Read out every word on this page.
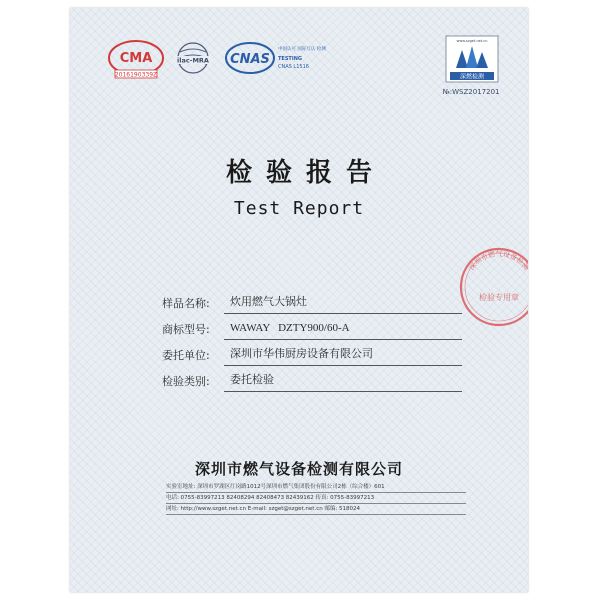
CMA
2016190339Z
ilac-MRA CNAS
中国认可 国际互认 检测
TESTING
CNAS L1516
www.szget.net.cn
深燃检测
№:WSZ2017201
检验报告
Test Report
深圳市燃气设备检测
检验专用章
样品名称:	炊用燃气大锅灶
商标型号:	WAWAY   DZTY900/60-A
委托单位:	深圳市华伟厨房设备有限公司
检验类别:	委托检验
深圳市燃气设备检测有限公司
实验室地址: 深圳市罗湖区红岗路1012号深圳市燃气集团股份有限公司2栋（综合楼）601
电话: 0755-83997213 82408294 82408473 82439162 传真: 0755-83997213
网址: http://www.szget.net.cn E-mail: szget@szget.net.cn 邮编: 518024
